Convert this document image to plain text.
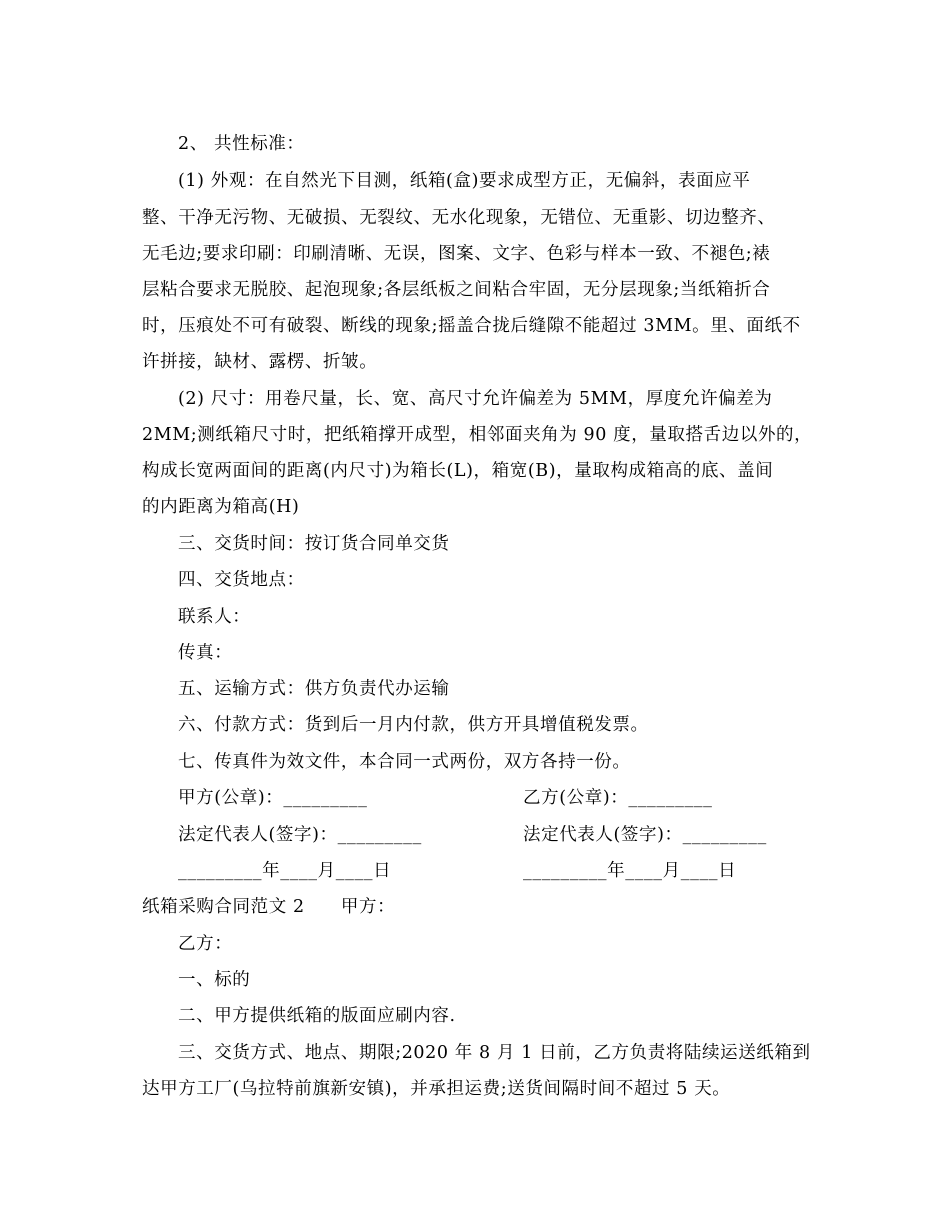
2、 共性标准：
(1) 外观：在自然光下目测，纸箱(盒)要求成型方正，无偏斜，表面应平
整、干净无污物、无破损、无裂纹、无水化现象，无错位、无重影、切边整齐、
无毛边;要求印刷：印刷清晰、无误，图案、文字、色彩与样本一致、不褪色;裱
层粘合要求无脱胶、起泡现象;各层纸板之间粘合牢固，无分层现象;当纸箱折合
时，压痕处不可有破裂、断线的现象;摇盖合拢后缝隙不能超过 3MM。里、面纸不
许拼接，缺材、露楞、折皱。
(2) 尺寸：用卷尺量，长、宽、高尺寸允许偏差为 5MM，厚度允许偏差为
2MM;测纸箱尺寸时，把纸箱撑开成型，相邻面夹角为 90 度，量取搭舌边以外的，
构成长宽两面间的距离(内尺寸)为箱长(L)，箱宽(B)，量取构成箱高的底、盖间
的内距离为箱高(H)
三、交货时间：按订货合同单交货
四、交货地点：
联系人：
传真：
五、运输方式：供方负责代办运输
六、付款方式：货到后一月内付款，供方开具增值税发票。
七、传真件为效文件，本合同一式两份，双方各持一份。
甲方(公章)：_________	乙方(公章)：_________
法定代表人(签字)：_________	法定代表人(签字)：_________
_________年____月____日	_________年____月____日
纸箱采购合同范文 2　　甲方：
乙方：
一、标的
二、甲方提供纸箱的版面应刷内容.
三、交货方式、地点、期限;2020 年 8 月 1 日前，乙方负责将陆续运送纸箱到
达甲方工厂(乌拉特前旗新安镇)，并承担运费;送货间隔时间不超过 5 天。
